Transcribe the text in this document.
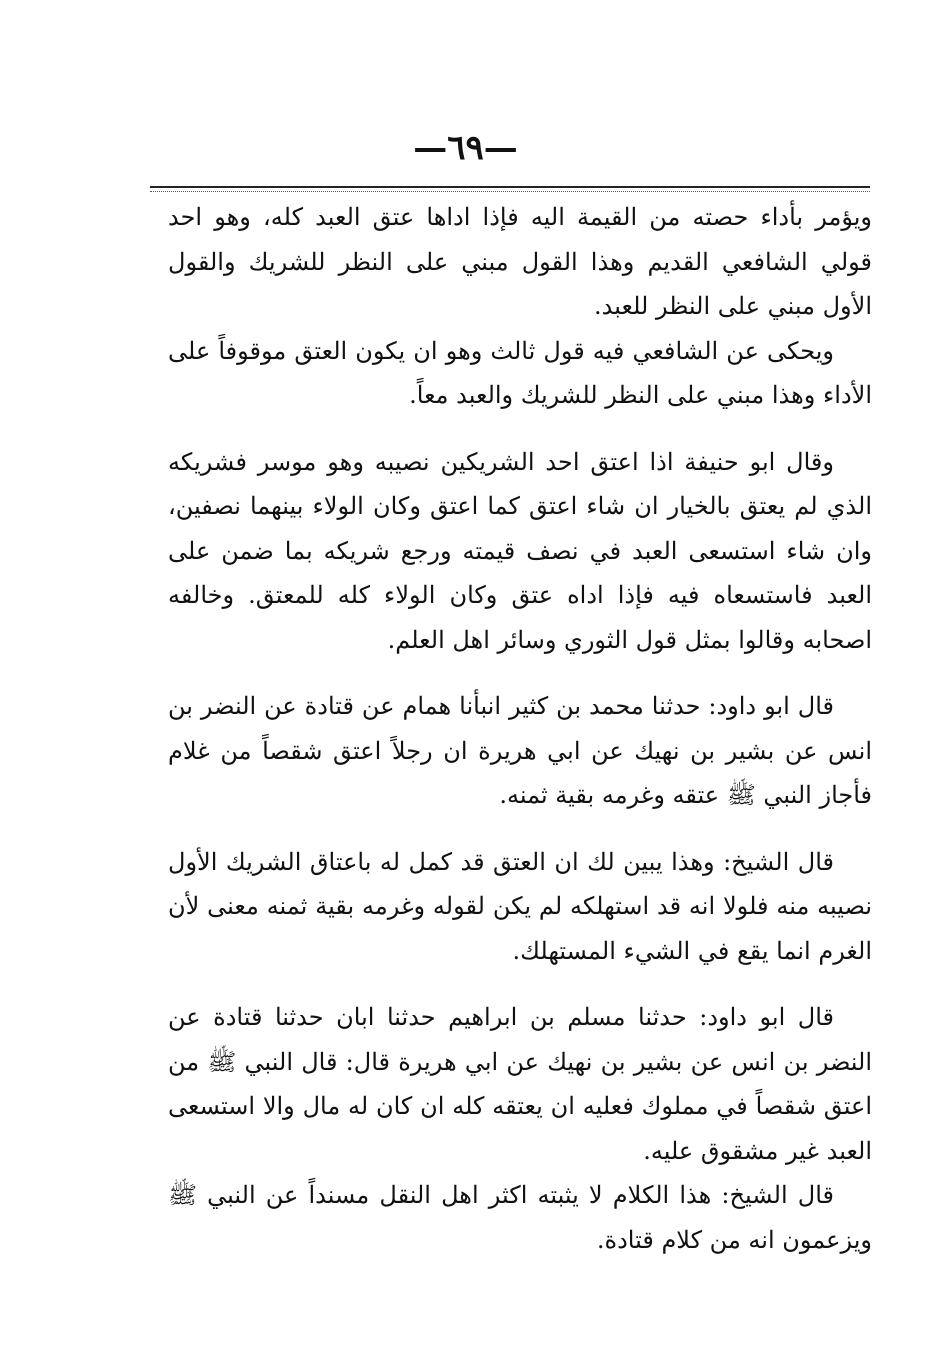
—٦٩—

ويؤمر بأداء حصته من القيمة اليه فإذا اداها عتق العبد كله، وهو احد قولي الشافعي القديم وهذا القول مبني على النظر للشريك والقول الأول مبني على النظر للعبد.

ويحكى عن الشافعي فيه قول ثالث وهو ان يكون العتق موقوفاً على الأداء وهذا مبني على النظر للشريك والعبد معاً.

وقال ابو حنيفة اذا اعتق احد الشريكين نصيبه وهو موسر فشريكه الذي لم يعتق بالخيار ان شاء اعتق كما اعتق وكان الولاء بينهما نصفين، وان شاء استسعى العبد في نصف قيمته ورجع شريكه بما ضمن على العبد فاستسعاه فيه فإذا اداه عتق وكان الولاء كله للمعتق. وخالفه اصحابه وقالوا بمثل قول الثوري وسائر اهل العلم.

قال ابو داود: حدثنا محمد بن كثير انبأنا همام عن قتادة عن النضر بن انس عن بشير بن نهيك عن ابي هريرة ان رجلاً اعتق شقصاً من غلام فأجاز النبي ﷺ عتقه وغرمه بقية ثمنه.

قال الشيخ: وهذا يبين لك ان العتق قد كمل له باعتاق الشريك الأول نصيبه منه فلولا انه قد استهلكه لم يكن لقوله وغرمه بقية ثمنه معنى لأن الغرم انما يقع في الشيء المستهلك.

قال ابو داود: حدثنا مسلم بن ابراهيم حدثنا ابان حدثنا قتادة عن النضر بن انس عن بشير بن نهيك عن ابي هريرة قال: قال النبي ﷺ من اعتق شقصاً في مملوك فعليه ان يعتقه كله ان كان له مال والا استسعى العبد غير مشقوق عليه.

قال الشيخ: هذا الكلام لا يثبته اكثر اهل النقل مسنداً عن النبي ﷺ ويزعمون انه من كلام قتادة.
